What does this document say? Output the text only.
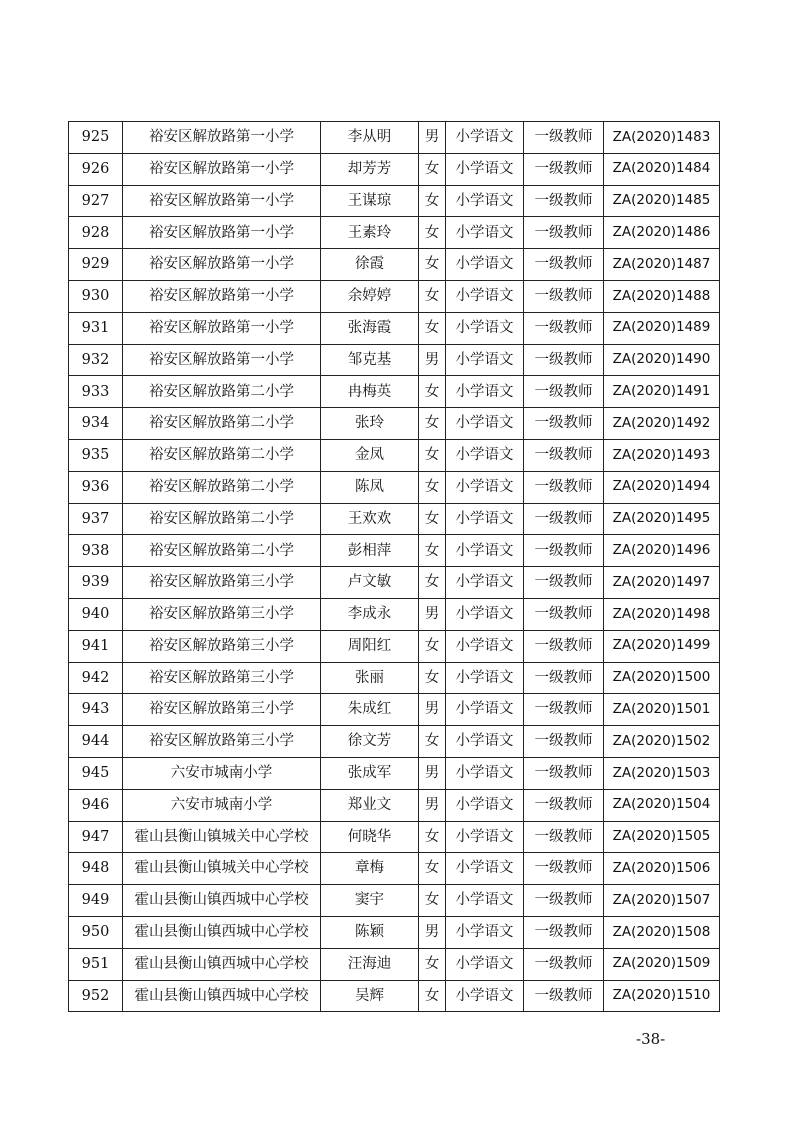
925	裕安区解放路第一小学	李从明	男	小学语文	一级教师	ZA(2020)1483
926	裕安区解放路第一小学	却芳芳	女	小学语文	一级教师	ZA(2020)1484
927	裕安区解放路第一小学	王谋琼	女	小学语文	一级教师	ZA(2020)1485
928	裕安区解放路第一小学	王素玲	女	小学语文	一级教师	ZA(2020)1486
929	裕安区解放路第一小学	徐霞	女	小学语文	一级教师	ZA(2020)1487
930	裕安区解放路第一小学	余婷婷	女	小学语文	一级教师	ZA(2020)1488
931	裕安区解放路第一小学	张海霞	女	小学语文	一级教师	ZA(2020)1489
932	裕安区解放路第一小学	邹克基	男	小学语文	一级教师	ZA(2020)1490
933	裕安区解放路第二小学	冉梅英	女	小学语文	一级教师	ZA(2020)1491
934	裕安区解放路第二小学	张玲	女	小学语文	一级教师	ZA(2020)1492
935	裕安区解放路第二小学	金凤	女	小学语文	一级教师	ZA(2020)1493
936	裕安区解放路第二小学	陈凤	女	小学语文	一级教师	ZA(2020)1494
937	裕安区解放路第二小学	王欢欢	女	小学语文	一级教师	ZA(2020)1495
938	裕安区解放路第二小学	彭相萍	女	小学语文	一级教师	ZA(2020)1496
939	裕安区解放路第三小学	卢文敏	女	小学语文	一级教师	ZA(2020)1497
940	裕安区解放路第三小学	李成永	男	小学语文	一级教师	ZA(2020)1498
941	裕安区解放路第三小学	周阳红	女	小学语文	一级教师	ZA(2020)1499
942	裕安区解放路第三小学	张丽	女	小学语文	一级教师	ZA(2020)1500
943	裕安区解放路第三小学	朱成红	男	小学语文	一级教师	ZA(2020)1501
944	裕安区解放路第三小学	徐文芳	女	小学语文	一级教师	ZA(2020)1502
945	六安市城南小学	张成军	男	小学语文	一级教师	ZA(2020)1503
946	六安市城南小学	郑业文	男	小学语文	一级教师	ZA(2020)1504
947	霍山县衡山镇城关中心学校	何晓华	女	小学语文	一级教师	ZA(2020)1505
948	霍山县衡山镇城关中心学校	章梅	女	小学语文	一级教师	ZA(2020)1506
949	霍山县衡山镇西城中心学校	窦宇	女	小学语文	一级教师	ZA(2020)1507
950	霍山县衡山镇西城中心学校	陈颖	男	小学语文	一级教师	ZA(2020)1508
951	霍山县衡山镇西城中心学校	汪海迪	女	小学语文	一级教师	ZA(2020)1509
952	霍山县衡山镇西城中心学校	吴辉	女	小学语文	一级教师	ZA(2020)1510
-38-
